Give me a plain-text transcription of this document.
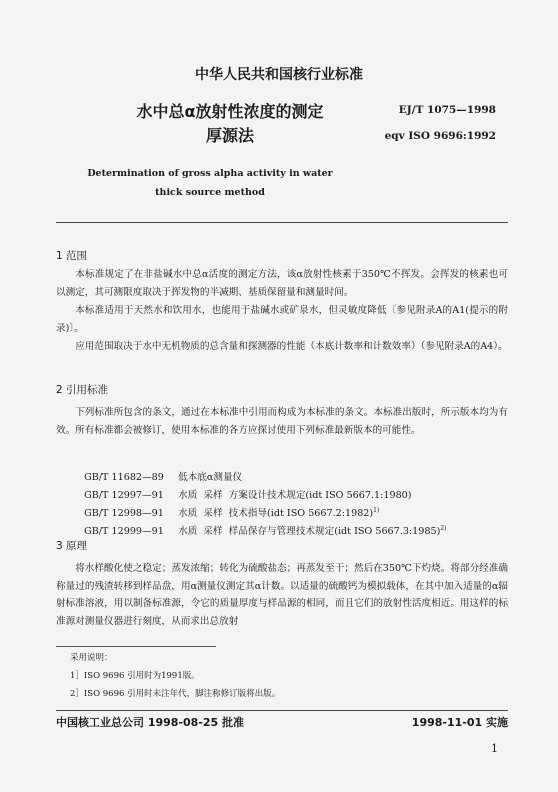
中华人民共和国核行业标准
水中总α放射性浓度的测定
厚源法
EJ/T 1075—1998
eqv ISO 9696:1992
Determination of gross alpha activity in water
thick source method
1 范围
本标准规定了在非盐碱水中总α活度的测定方法，该α放射性核素于350℃不挥发。会挥发的核素也可以测定，其可测限度取决于挥发物的半减期、基质保留量和测量时间。
本标准适用于天然水和饮用水，也能用于盐碱水或矿泉水，但灵敏度降低〔参见附录A的A1(提示的附录)〕。
应用范围取决于水中无机物质的总含量和探测器的性能（本底计数率和计数效率）（参见附录A的A4）。
2 引用标准
下列标准所包含的条文，通过在本标准中引用而构成为本标准的条文。本标准出版时，所示版本均为有效。所有标准都会被修订，使用本标准的各方应探讨使用下列标准最新版本的可能性。

GB/T 11682—89 低本底α测量仪

GB/T 12997—91 水质  采样  方案设计技术规定(idt ISO 5667.1:1980)

GB/T 12998—91 水质  采样  技术指导(idt ISO 5667.2:1982)$^{1)}$

GB/T 12999—91 水质  采样  样品保存与管理技术规定(idt ISO 5667.3:1985)$^{2)}$

3 原理
将水样酸化使之稳定；蒸发浓缩；转化为硫酸盐态；再蒸发至干；然后在350℃下灼烧。将部分经准确称量过的残渣转移到样品盘，用α测量仪测定其α计数。以适量的硫酸钙为模拟载体，在其中加入适量的α辐射标准溶液，用以制备标准源，令它的质量厚度与样品源的相同，而且它们的放射性活度相近。用这样的标准源对测量仪器进行刻度，从而求出总放射
采用说明：
1］ISO 9696 引用时为1991版。
2］ISO 9696 引用时未注年代，脚注称修订版将出版。
中国核工业总公司 1998-08-25 批准	1998-11-01 实施
1
